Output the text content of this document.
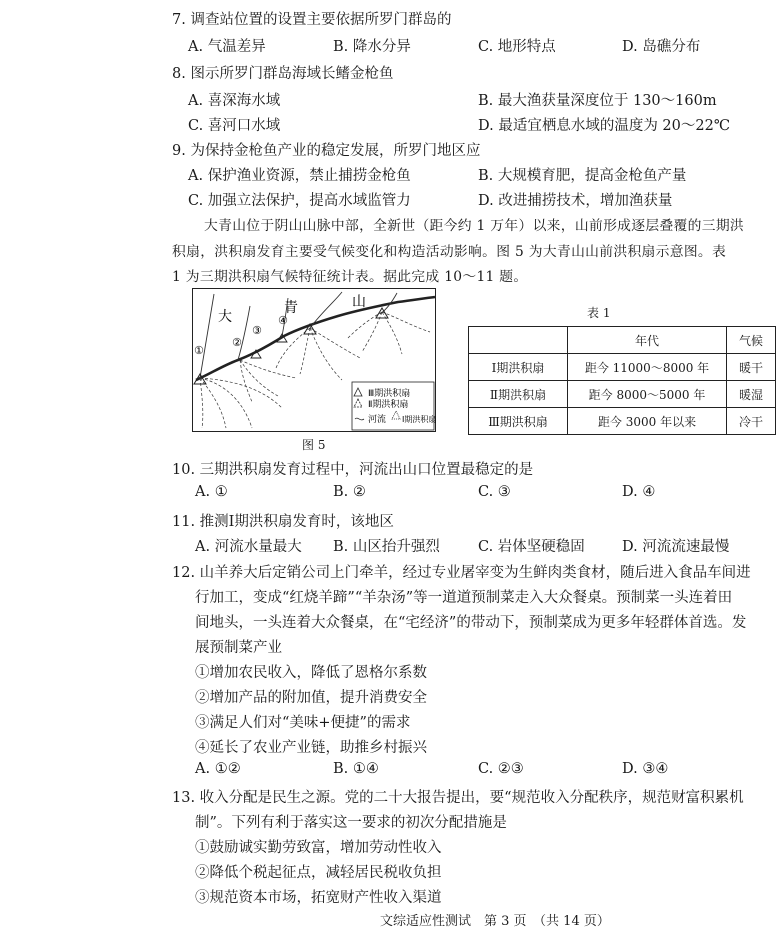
7. 调查站位置的设置主要依据所罗门群岛的
A. 气温差异	B. 降水分异	C. 地形特点	D. 岛礁分布
8. 图示所罗门群岛海域长鳍金枪鱼
A. 喜深海水域	B. 最大渔获量深度位于 130～160m
C. 喜河口水域	D. 最适宜栖息水域的温度为 20～22℃
9. 为保持金枪鱼产业的稳定发展，所罗门地区应
A. 保护渔业资源，禁止捕捞金枪鱼	B. 大规模育肥，提高金枪鱼产量
C. 加强立法保护，提高水域监管力	D. 改进捕捞技术，增加渔获量
大青山位于阴山山脉中部，全新世（距今约 1 万年）以来，山前形成逐层叠覆的三期洪
积扇，洪积扇发育主要受气候变化和构造活动影响。图 5 为大青山山前洪积扇示意图。表
1 为三期洪积扇气候特征统计表。据此完成 10～11 题。
大
青	山
①
②
③
④
Ⅲ期洪积扇
Ⅱ期洪积扇
河流 Ⅰ期洪积扇
图 5
表 1
	年代	气候
Ⅰ期洪积扇	距今 11000～8000 年	暖干
Ⅱ期洪积扇	距今 8000～5000 年	暖湿
Ⅲ期洪积扇	距今 3000 年以来	冷干
10. 三期洪积扇发育过程中，河流出山口位置最稳定的是
A. ①	B. ②	C. ③	D. ④
11. 推测Ⅰ期洪积扇发育时，该地区
A. 河流水量最大 B. 山区抬升强烈	C. 岩体坚硬稳固	D. 河流流速最慢
12. 山羊养大后定销公司上门牵羊，经过专业屠宰变为生鲜肉类食材，随后进入食品车间进
行加工，变成“红烧羊蹄”“羊杂汤”等一道道预制菜走入大众餐桌。预制菜一头连着田
间地头，一头连着大众餐桌，在“宅经济”的带动下，预制菜成为更多年轻群体首选。发
展预制菜产业
①增加农民收入，降低了恩格尔系数
②增加产品的附加值，提升消费安全
③满足人们对“美味+便捷”的需求
④延长了农业产业链，助推乡村振兴
A. ①②	B. ①④	C. ②③	D. ③④
13. 收入分配是民生之源。党的二十大报告提出，要“规范收入分配秩序，规范财富积累机
制”。下列有利于落实这一要求的初次分配措施是
①鼓励诚实勤劳致富，增加劳动性收入
②降低个税起征点，减轻居民税收负担
③规范资本市场，拓宽财产性收入渠道
文综适应性测试　第 3 页　（共 14 页）
